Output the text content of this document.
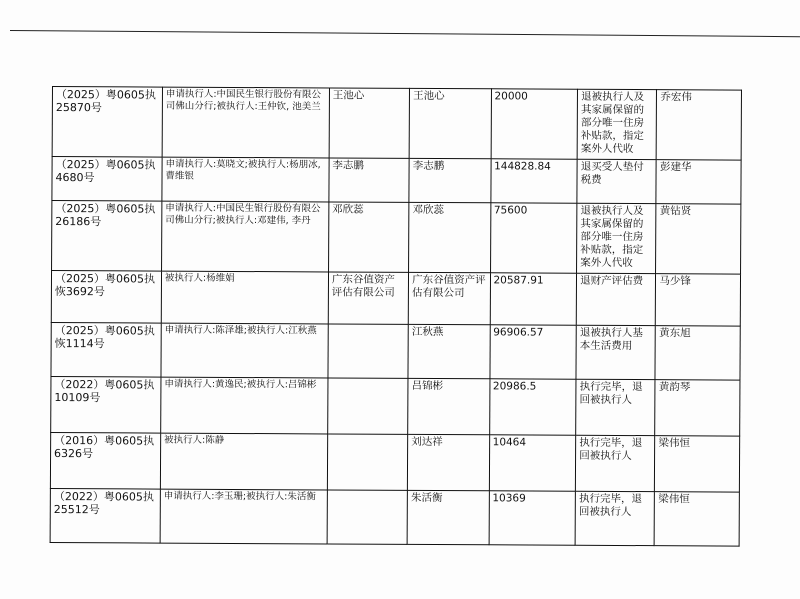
（2025）粤0605执25870号	申请执行人:中国民生银行股份有限公司佛山分行;被执行人:王仲钦, 池美兰	王池心	王池心	20000	退被执行人及其家属保留的部分唯一住房补贴款，指定案外人代收	乔宏伟
（2025）粤0605执4680号	申请执行人:莫晓文;被执行人:杨朋冰, 曹维银	李志鹏	李志鹏	144828.84	退买受人垫付税费	彭建华
（2025）粤0605执26186号	申请执行人:中国民生银行股份有限公司佛山分行;被执行人:邓建伟, 李丹	邓欣蕊	邓欣蕊	75600	退被执行人及其家属保留的部分唯一住房补贴款，指定案外人代收	黄钻贤
（2025）粤0605执恢3692号	被执行人:杨维娟	广东谷值资产评估有限公司	广东谷值资产评估有限公司	20587.91	退财产评估费	马少锋
（2025）粤0605执恢1114号	申请执行人:陈泽雄;被执行人:江秋燕		江秋燕	96906.57	退被执行人基本生活费用	黄东旭
（2022）粤0605执10109号	申请执行人:黄逸民;被执行人:吕锦彬		吕锦彬	20986.5	执行完毕，退回被执行人	黄韵琴
（2016）粤0605执6326号	被执行人:陈静		刘达祥	10464	执行完毕，退回被执行人	梁伟恒
（2022）粤0605执25512号	申请执行人:李玉珊;被执行人:朱活衡		朱活衡	10369	执行完毕，退回被执行人	梁伟恒
